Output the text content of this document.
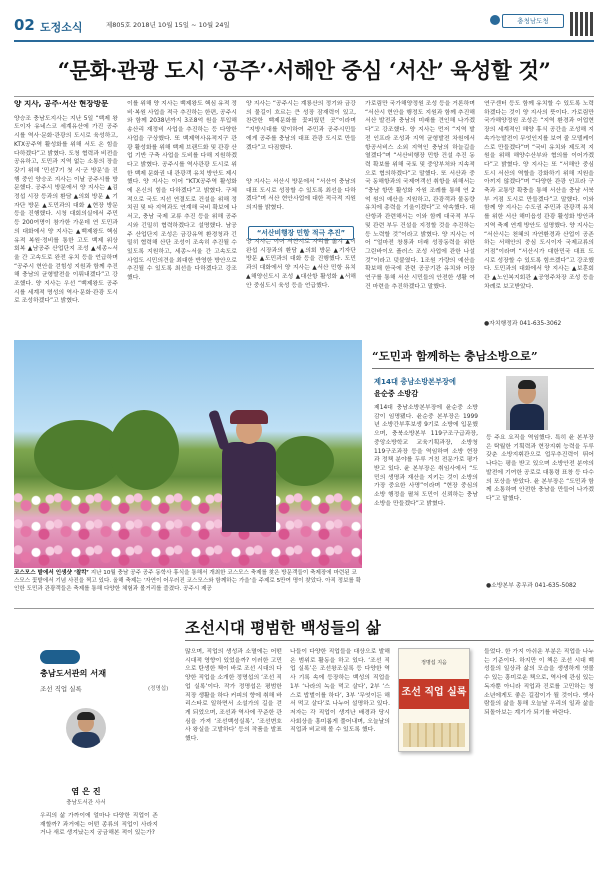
02 도정소식	제805호 2018년 10월 15일 ~ 10월 24일	충청남도청
“문화·관광 도시 ‘공주’·서해안 중심 ‘서산’ 육성할 것”
양 지사, 공주·서산 현장방문
양승조 충남도지사는 지난 5일 “백제 왕도이자 유네스코 세계유산에 가진 공주시를 역사·문화·관광의 도시로 육성하고, KTX공주역 활성화를 위해 서도 온 힘을 다하겠다”고 밝혔다. 도청 협력과 비전을 공유하고, 도민과 지역 없는 소통의 장을 갖기 위해 ‘민선7기 첫 시·군 방문’을 진행 중인 양승조 지사는 이날 공주시를 방문했다. 공주시 방문에서 양 지사는 ▲김정섭 시장 등과의 환담 ▲의회 방문 ▲ 기자단 방문 ▲도민과의 대화 ▲현장 방문 등을 진행했다. 시청 대회의실에서 주민 등 200여명이 참가한 가운데 연 도민과의 대화에서 양 지사는 ▲백제왕도 핵심 유적 복원·정비를 통한 고도 백제 위상 회복 ▲남공주 산업단지 조성 ▲세종~서울 간 고속도로 완전 유치 등을 언급하며 “공주시 현안을 걷힘성 지원과 함께 추진해 충남의 균형발전을 이뤄내겠다”고 강조했다. 양 지사는 우선 “백제왕도 공주시를 세계적 명성의 역사·문화·관광 도시로 조성하겠다”고 밝혔다.
이를 위해 양 지사는 백제왕도 핵심 유적 정비·복원 사업을 적극 추진하는 한편, 공주시와 함께 2038년까지 3조8억 원을 투입해 송산리 재정비 사업을 추진하는 등 다양한 사업을 구상했다. 또 백제역사유적지구 관광 활성화를 위해 백제 브랜드화 및 관광 산업 기반 구축 사업을 도비를 다해 지원하겠다고 밝혔다. 공주시를 역사관광 도시로 위한 백제 문화권 내 관광객 유치 방안도 제시했다. 양 지사는 이어 “KTX공주역 활성화에 온신의 힘을 다하겠다”고 밝혔다. 구체적으로 국도 지선 연결도로 건설을 위해 정치권 및 타 지역과도 연계해 국비 확보에 나서고, 충남 국제 교류 추진 등을 위해 공주시와 긴밀히 협력하겠다고 설명했다. 남공주 산업단지 조성은 금강유역 환경청과 긴밀히 협력해 산단 조성이 조속히 추진될 수 있도록 지원하고, 세종~서울 간 고속도로 사업도 시민의견을 최대한 반영한 방안으로 추진될 수 있도록 최선을 다하겠다고 강조했다.
양 지사는 “공주시는 계룡산의 정기와 금강의 물길이 흐르는 큰 성장 잠재력이 있고, 찬란한 백제문화를 꽃피웠던 곳”이라며 “지방시대를 맞이하여 주민과 공주시민들에게 공주를 충남의 대표 관광 도시로 만들겠다”고 다짐했다.
양 지사는 서산시 방문에서 “서산이 충남의 대표 도시로 성장할 수 있도록 최선을 다하겠다”며 서산 현안사업에 대한 적극적 지원 의지를 밝혔다.
양 지사는 이어 서산시로 자리를 옮겨 ▲이완섭 시장과의 환담 ▲의회 방문 ▲기자단 방문 ▲도민과의 대화 등을 진행했다. 도민과의 대화에서 양 지사는 ▲서산 민항 유치 ▲해양신도시 조성 ▲대산항 활성화 ▲서해안 중심도시 육성 등을 언급했다.
“서산비행장 민항 적극 추진”
가로림만 국가해양정원 조성 등을 거론하며 “서산시 현안을 행정도 지원과 함께 추진해 서산 발전과 충남의 미래를 견인해 나가겠다”고 강조했다. 양 지사는 먼저 “지역 발전 인프라 조성과 지역 균형발전 차원에서 항공서비스 소외 지역인 충남의 하늘길을 열겠다”며 “서산비행장 민항 건설 추진 동력 확보를 위해 국토 및 중앙부처와 지속적으로 협의하겠다”고 말했다. 또 서산과 중국 동해항과의 국제여객선 취항을 위해서는 “충남 항만 활성화 자원 조례를 통해 연 2억 원의 예산을 지원하고, 관광객과 물동량 유치에 총력을 기울이겠다”고 약속했다. 대산항과 관련해서는 이와 함께 대국적 부두 및 관련 부두 건설을 지정할 것을 추진하는 등 노력할 것”이라고 밝혔다. 양 지사는 이어 “얼마전 창룡과 더래 성장동력을 위한 그린바이오 플러스 조성 사업에 관한 나설 것”이라고 덧붙였다. 1조원 가량의 예산을 확보해 한국에 관련 공공기관 유치와 어장 연구를 통해 서산 시민들의 안전한 생활 여건 마련을 추진하겠다고 말했다.
연구센터 등도 함께 유치할 수 있도록 노력하겠다는 것이 양 지사의 뜻이다. 가로림만 국가해양정원 조성은 “지역 환경과 어업현장의 세계적인 해양 휴식 공간을 조성해 지속가능발전이 무엇인지를 보여 줄 모델케이스로 만들겠다”며 “국비 유치와 제도적 지원을 위해 해양수산부와 협의를 이어가겠다”고 밝혔다. 양 지사는 또 “서해안 중심도시 서산의 역할을 강화하기 위해 지원을 아끼지 않겠다”며 “다양한 관광 인프라 구축과 교통망 확충을 통해 서산을 충남 서북부 거점 도시로 만들겠다”고 말했다. 이와 함께 양 지사는 수도권 주민과 관광객 유치를 위한 서산 해미읍성 관광 활성화 방안과 지역 축제 연계 방안도 설명했다. 양 지사는 “서산시는 천혜의 자연환경과 산업이 공존하는 서해안의 중심 도시이자 국제교류의 거점”이라며 “서산시가 대한민국 대표 도시로 성장할 수 있도록 힘쓰겠다”고 강조했다. 도민과의 대화에서 양 지사는 ▲보훈회관 ▲노인복지회관 ▲공영주차장 조성 등을 차례로 보고받았다.
●자치행정과 041-635-3062
코스모스 밭에서 인생샷 ‘찰칵’ 지난 10월 충남 공주 공주 동학사 휴식을 통해서 개최한 코스모스 축제를 찾은 방문객들이 축제장에 마련된 코스모스 꽃밭에서 기념 사진을 찍고 있다. 올해 축제는 ‘자연이 어우러진 코스모스와 함께하는 가을’을 주제로 5만여 명이 찾았다. 아직 정보를 확인한 도민과 관광객들은 축제를 통해 다양한 체험과 볼거리를 즐겼다. 공주시 제공
“도민과 함께하는 충남소방으로”
제14대 충남소방본부장에
윤순중 소방감
제14대 충남소방본부장에 윤순중 소방감이 임명됐다. 윤순중 본부장은 1999년 소방간부후보생 9기로 소방에 입문했으며, 충북소방본부 119구조구급과장, 중앙소방학교 교육기획과장, 소방청 119구조과장 등을 역임하며 소방 현장과 정책 분야를 두루 거친 전문가로 평가받고 있다. 윤 본부장은 취임사에서 “도민의 생명과 재산을 지키는 것이 소방의 가장 중요한 사명”이라며 “현장 중심의 소방 행정을 펼쳐 도민이 신뢰하는 충남소방을 만들겠다”고 밝혔다.
등 주요 요직을 역임했다. 특히 윤 본부장은 탁월한 기획력과 현장지휘 능력을 두루 갖춘 소방지휘관으로 업무추진력이 뛰어나다는 평을 받고 있으며 소방안전 분야의 발전에 기여한 공로로 대통령 표창 등 다수의 포상을 받았다. 윤 본부장은 “도민과 함께 소통하며 안전한 충남을 만들어 나가겠다”고 말했다.
●소방본부 총무과 041-635-5082
조선시대 평범한 백성들의 삶
충남도서관의 서재
조선 직업 실록	(정명섭)
염 은 진
충남도서관 사서
우리의 삶 가까이에 얼마나 다양한 직업이 존재할까? 과거에는 어떤 종류의 직업이 사라지거나 새로 생겨났는지 궁금해본 적이 있는가?
많으며, 직업의 생성과 소멸에는 어떤 시대적 영향이 있었을까? 이러한 고민으로 탄생한 책이 바로 조선 시대의 다양한 직업을 소개한 정명섭의 ‘조선 직업 실록’이다. 작가 정명섭은 평범한 직장 생활을 하다 커피의 향에 취해 바리스타로 일하면서 소설가의 길을 걷게 되었으며, 조선과 역사에 꾸준한 관심을 가져 ‘조선백성실록’, ‘조선변호사 왕실을 고발하다’ 등의 작품을 발표했다.
나들이 다양한 직업들을 대상으로 발해온 범위로 활동을 하고 있다. ‘조선 직업 실록’은 조선왕조실록 등 다양한 역사 기록 속에 등장하는 백성의 직업을 1부 ‘나라의 녹을 먹고 살다’, 2부 ‘스스로 밥벌이를 하다’, 3부 ‘무엇이든 해서 먹고 살다’로 나누어 설명하고 있다. 저자는 각 직업이 생겨난 배경과 당시 사회상을 흥미롭게 풀어내며, 오늘날의 직업과 비교해 볼 수 있도록 했다.
정명섭 지음
조선 직업 실록
들었다. 한 가지 아쉬운 부분은 직업을 나누는 기준이다. 하지만 이 책은 조선 시대 백성들의 일상과 삶의 모습을 생생하게 엿볼 수 있는 흥미로운 책으로, 역사에 관심 있는 독자뿐 아니라 직업과 진로를 고민하는 청소년에게도 좋은 길잡이가 될 것이다. 옛사람들의 삶을 통해 오늘날 우리의 일과 삶을 되돌아보는 계기가 되기를 바란다.
